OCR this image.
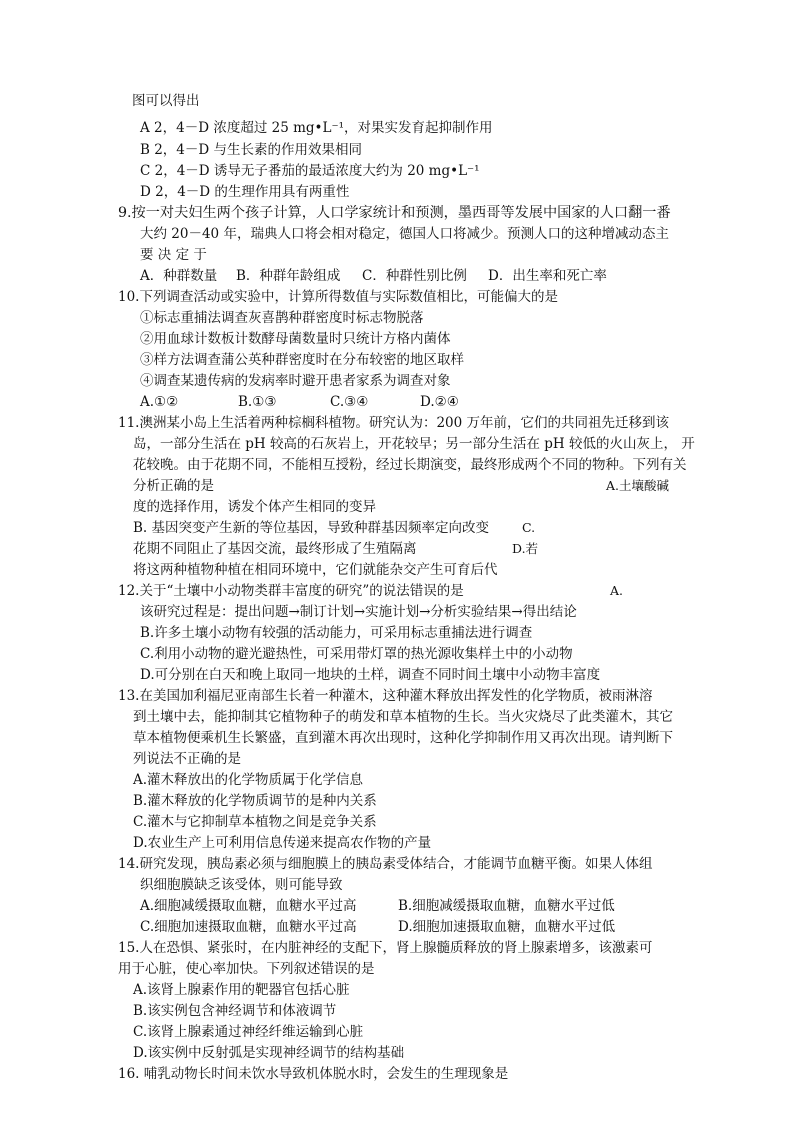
图可以得出
A 2，4－D 浓度超过 25 mg•L⁻¹，对果实发育起抑制作用
B 2，4－D 与生长素的作用效果相同
C 2，4－D 诱导无子番茄的最适浓度大约为 20 mg•L⁻¹
D 2，4－D 的生理作用具有两重性
9.按一对夫妇生两个孩子计算，人口学家统计和预测，墨西哥等发展中国家的人口翻一番
大约 20－40 年，瑞典人口将会相对稳定，德国人口将减少。预测人口的这种增减动态主
要 决 定 于
A．种群数量 B．种群年龄组成 C．种群性别比例 D．出生率和死亡率
10.下列调查活动或实验中，计算所得数值与实际数值相比，可能偏大的是
①标志重捕法调查灰喜鹊种群密度时标志物脱落
②用血球计数板计数酵母菌数量时只统计方格内菌体
③样方法调查蒲公英种群密度时在分布较密的地区取样
④调查某遗传病的发病率时避开患者家系为调查对象
A.①②	B.①③	C.③④	D.②④
11.澳洲某小岛上生活着两种棕榈科植物。研究认为：200 万年前，它们的共同祖先迁移到该
岛，一部分生活在 pH 较高的石灰岩上，开花较早；另一部分生活在 pH 较低的火山灰上， 开
花较晚。由于花期不同，不能相互授粉，经过长期演变，最终形成两个不同的物种。下列有关
分析正确的是	A.土壤酸碱
度的选择作用，诱发个体产生相同的变异
B. 基因突变产生新的等位基因，导致种群基因频率定向改变	C.
花期不同阻止了基因交流，最终形成了生殖隔离	D.若
将这两种植物种植在相同环境中，它们就能杂交产生可育后代
12.关于“土壤中小动物类群丰富度的研究”的说法错误的是	A.
该研究过程是：提出问题→制订计划→实施计划→分析实验结果→得出结论
B.许多土壤小动物有较强的活动能力，可采用标志重捕法进行调查
C.利用小动物的避光避热性，可采用带灯罩的热光源收集样土中的小动物
D.可分别在白天和晚上取同一地块的土样，调查不同时间土壤中小动物丰富度
13.在美国加利福尼亚南部生长着一种灌木，这种灌木释放出挥发性的化学物质，被雨淋溶
到土壤中去，能抑制其它植物种子的萌发和草本植物的生长。当火灾烧尽了此类灌木，其它
草本植物便乘机生长繁盛，直到灌木再次出现时，这种化学抑制作用又再次出现。请判断下
列说法不正确的是
A.灌木释放出的化学物质属于化学信息
B.灌木释放的化学物质调节的是种内关系
C.灌木与它抑制草本植物之间是竞争关系
D.农业生产上可利用信息传递来提高农作物的产量
14.研究发现，胰岛素必须与细胞膜上的胰岛素受体结合，才能调节血糖平衡。如果人体组
织细胞膜缺乏该受体，则可能导致
A.细胞减缓摄取血糖，血糖水平过高	B.细胞减缓摄取血糖，血糖水平过低
C.细胞加速摄取血糖，血糖水平过高	D.细胞加速摄取血糖，血糖水平过低
15.人在恐惧、紧张时，在内脏神经的支配下，肾上腺髓质释放的肾上腺素增多，该激素可
用于心脏，使心率加快。下列叙述错误的是
A.该肾上腺素作用的靶器官包括心脏
B.该实例包含神经调节和体液调节
C.该肾上腺素通过神经纤维运输到心脏
D.该实例中反射弧是实现神经调节的结构基础
16. 哺乳动物长时间未饮水导致机体脱水时，会发生的生理现象是
